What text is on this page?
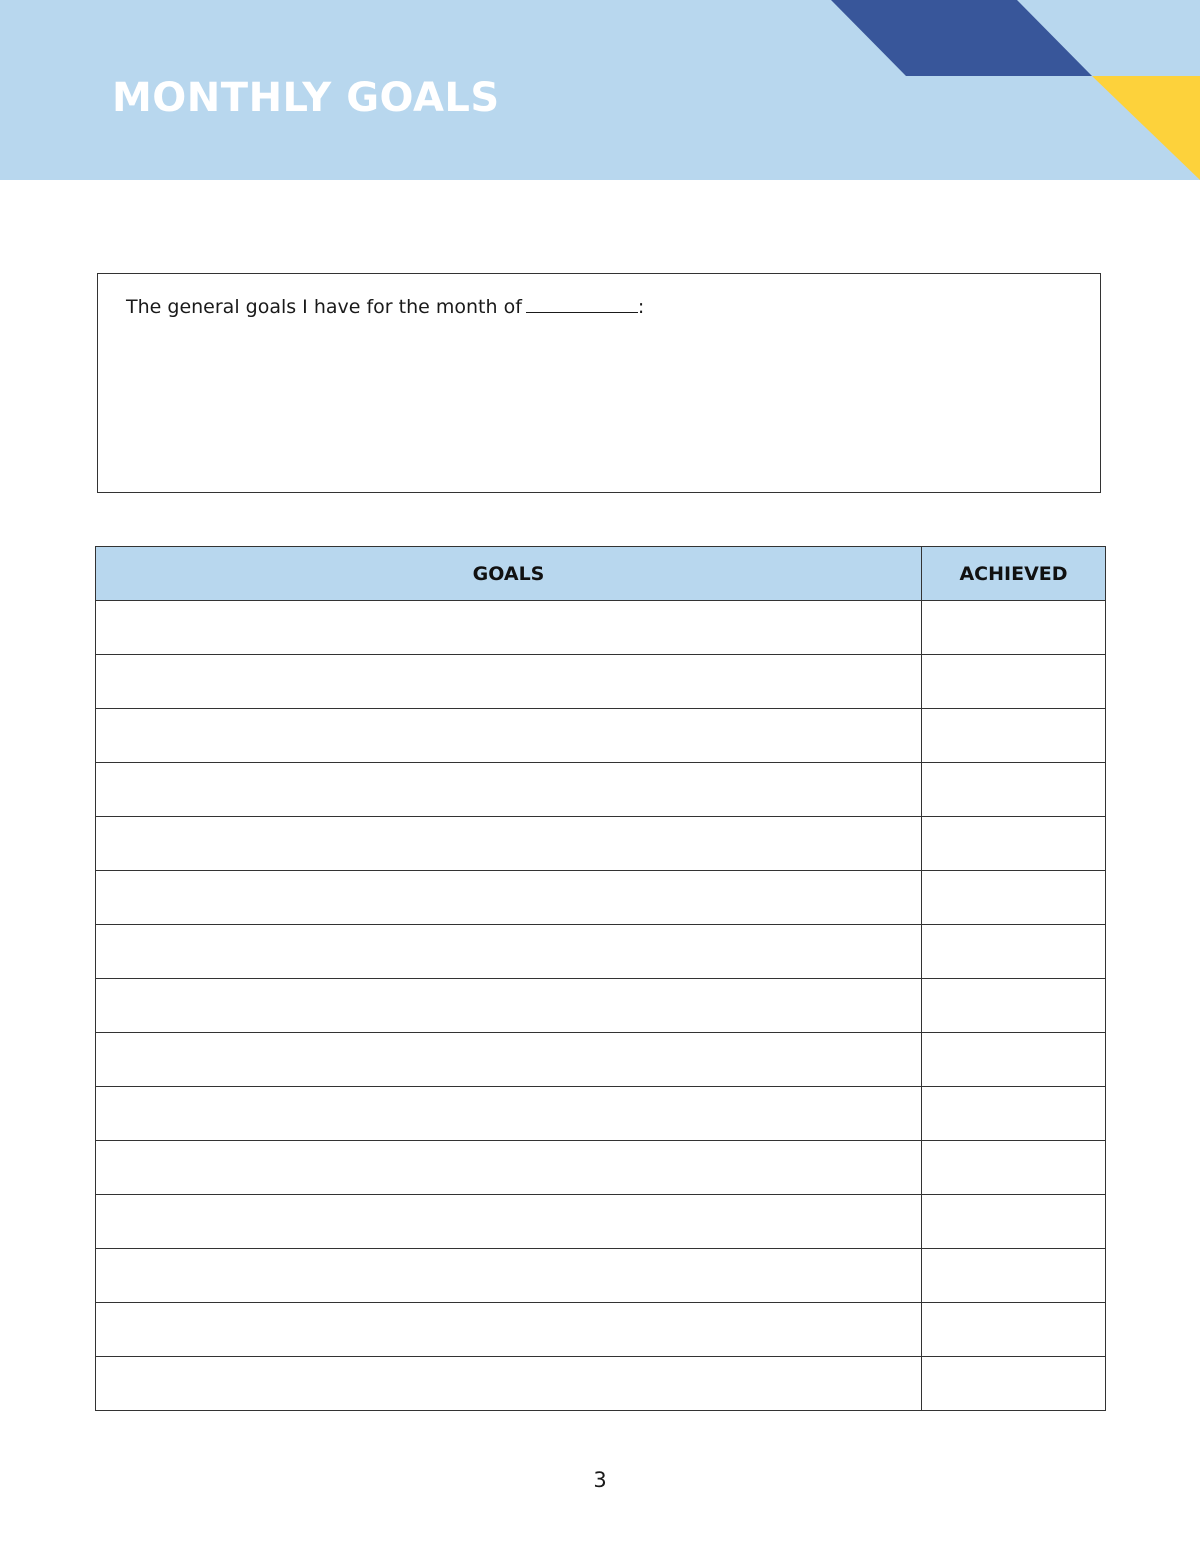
MONTHLY GOALS
The general goals I have for the month of	:
GOALS	ACHIEVED

3
